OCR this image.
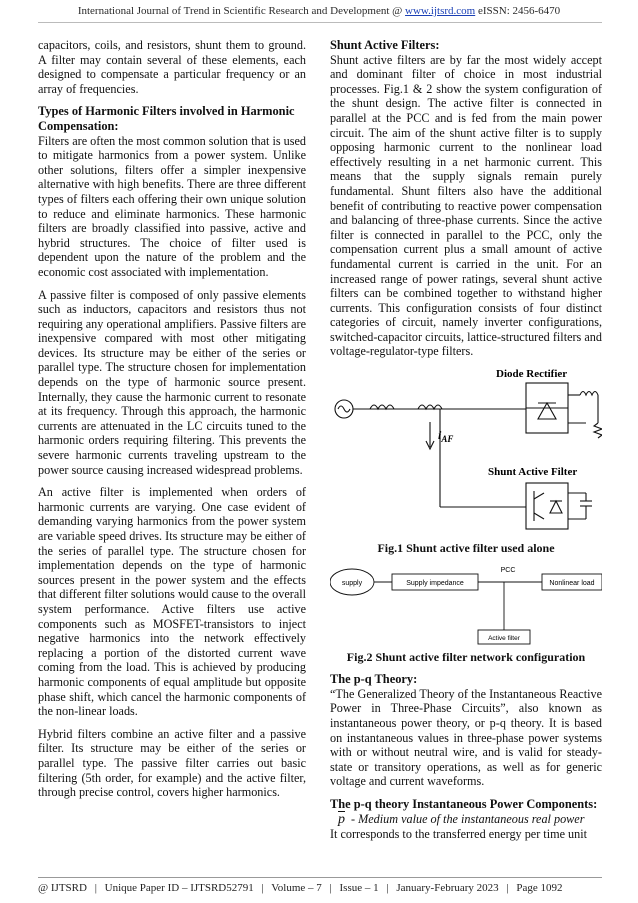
International Journal of Trend in Scientific Research and Development @ www.ijtsrd.com eISSN: 2456-6470

capacitors, coils, and resistors, shunt them to ground. A filter may contain several of these elements, each designed to compensate a particular frequency or an array of frequencies.

Types of Harmonic Filters involved in Harmonic Compensation:

Filters are often the most common solution that is used to mitigate harmonics from a power system. Unlike other solutions, filters offer a simpler inexpensive alternative with high benefits. There are three different types of filters each offering their own unique solution to reduce and eliminate harmonics. These harmonic filters are broadly classified into passive, active and hybrid structures. The choice of filter used is dependent upon the nature of the problem and the economic cost associated with implementation.

A passive filter is composed of only passive elements such as inductors, capacitors and resistors thus not requiring any operational amplifiers. Passive filters are inexpensive compared with most other mitigating devices. Its structure may be either of the series or parallel type. The structure chosen for implementation depends on the type of harmonic source present. Internally, they cause the harmonic current to resonate at its frequency. Through this approach, the harmonic currents are attenuated in the LC circuits tuned to the harmonic orders requiring filtering. This prevents the severe harmonic currents traveling upstream to the power source causing increased widespread problems.

An active filter is implemented when orders of harmonic currents are varying. One case evident of demanding varying harmonics from the power system are variable speed drives. Its structure may be either of the series of parallel type. The structure chosen for implementation depends on the type of harmonic sources present in the power system and the effects that different filter solutions would cause to the overall system performance. Active filters use active components such as MOSFET-transistors to inject negative harmonics into the network effectively replacing a portion of the distorted current wave coming from the load. This is achieved by producing harmonic components of equal amplitude but opposite phase shift, which cancel the harmonic components of the non-linear loads.

Hybrid filters combine an active filter and a passive filter. Its structure may be either of the series or parallel type. The passive filter carries out basic filtering (5th order, for example) and the active filter, through precise control, covers higher harmonics.

Shunt Active Filters:

Shunt active filters are by far the most widely accept and dominant filter of choice in most industrial processes. Fig.1 & 2 show the system configuration of the shunt design. The active filter is connected in parallel at the PCC and is fed from the main power circuit. The aim of the shunt active filter is to supply opposing harmonic current to the nonlinear load effectively resulting in a net harmonic current. This means that the supply signals remain purely fundamental. Shunt filters also have the additional benefit of contributing to reactive power compensation and balancing of three-phase currents. Since the active filter is connected in parallel to the PCC, only the compensation current plus a small amount of active fundamental current is carried in the unit. For an increased range of power ratings, several shunt active filters can be combined together to withstand higher currents. This configuration consists of four distinct categories of circuit, namely inverter configurations, switched-capacitor circuits, lattice-structured filters and voltage-regulator-type filters.

Diode Rectifier
Shunt Active Filter
$i_{AF}$
Fig.1 Shunt active filter used alone
supply	Supply impedance
PCC
Nonlinear load
Active filter
Fig.2 Shunt active filter network configuration
The p-q Theory:

“The Generalized Theory of the Instantaneous Reactive Power in Three-Phase Circuits”, also known as instantaneous power theory, or p-q theory. It is based on instantaneous values in three-phase power systems with or without neutral wire, and is valid for steady-state or transitory operations, as well as for generic voltage and current waveforms.

The p-q theory Instantaneous Power Components:
$\overline{p}$ - Medium value of the instantaneous real power

It corresponds to the transferred energy per time unit

@ IJTSRD | Unique Paper ID – IJTSRD52791 | Volume – 7 | Issue – 1 | January-February 2023 | Page 1092
